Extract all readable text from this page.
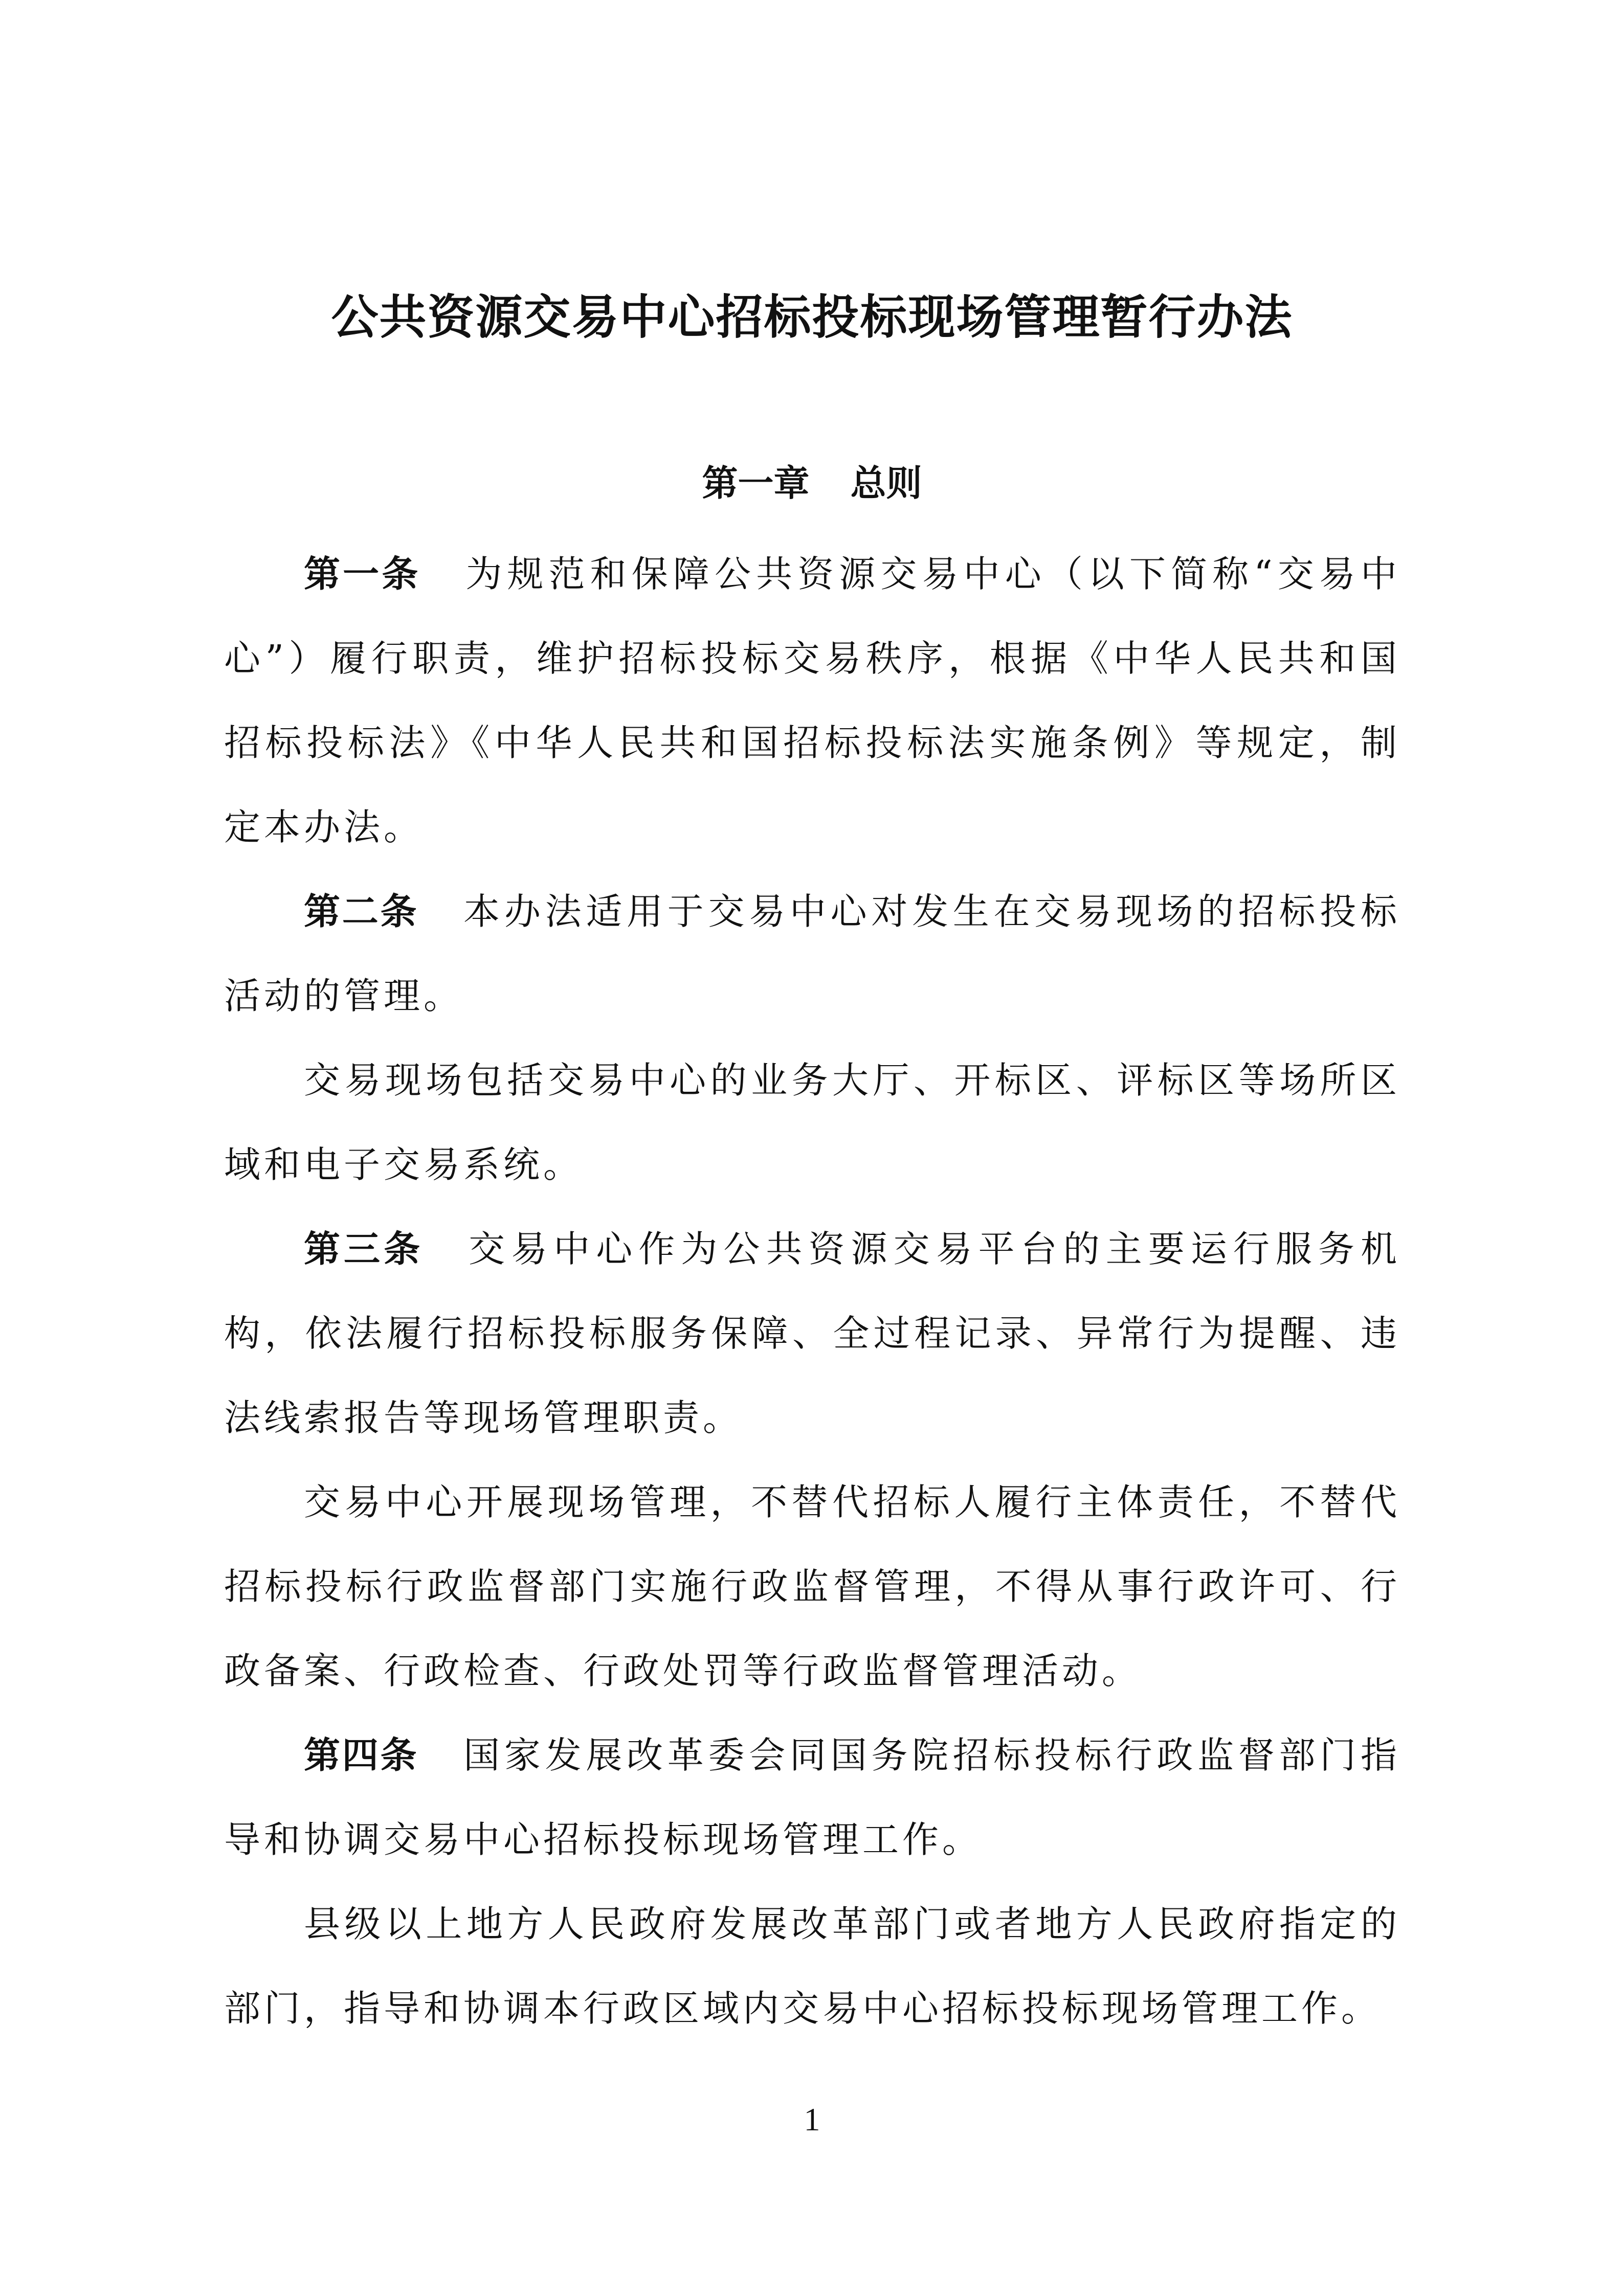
公共资源交易中心招标投标现场管理暂行办法
第一章 总则

第一条 为规范和保障公共资源交易中心（以下简称“交易中心”）履行职责，维护招标投标交易秩序，根据《中华人民共和国招标投标法》《中华人民共和国招标投标法实施条例》等规定，制定本办法。

第二条 本办法适用于交易中心对发生在交易现场的招标投标活动的管理。

交易现场包括交易中心的业务大厅、开标区、评标区等场所区域和电子交易系统。

第三条 交易中心作为公共资源交易平台的主要运行服务机构，依法履行招标投标服务保障、全过程记录、异常行为提醒、违法线索报告等现场管理职责。

交易中心开展现场管理，不替代招标人履行主体责任，不替代招标投标行政监督部门实施行政监督管理，不得从事行政许可、行政备案、行政检查、行政处罚等行政监督管理活动。

第四条 国家发展改革委会同国务院招标投标行政监督部门指导和协调交易中心招标投标现场管理工作。

县级以上地方人民政府发展改革部门或者地方人民政府指定的部门，指导和协调本行政区域内交易中心招标投标现场管理工作。

1
